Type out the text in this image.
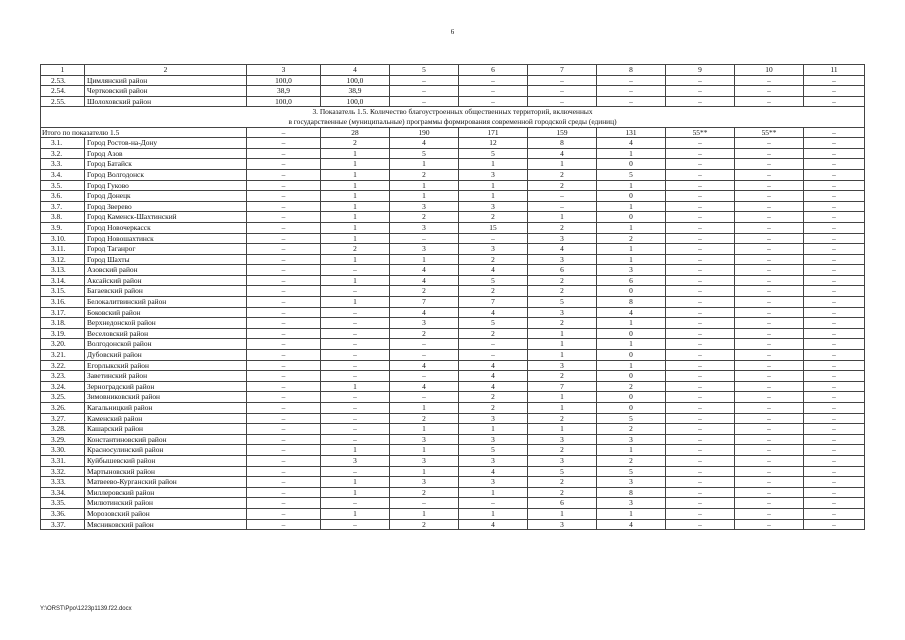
6
1	2	3	4	5	6	7	8	9	10	11
2.53.	Цимлянский район	100,0	100,0	–	–	–	–	–	–	–
2.54.	Чертковский район	38,9	38,9	–	–	–	–	–	–	–
2.55.	Шолоховский район	100,0	100,0	–	–	–	–	–	–	–

3. Показатель 1.5. Количество благоустроенных общественных территорий, включенных
в государственные (муниципальные) программы формирования современной городской среды (единиц)										

Итого по показателю 1.5		–	28	190	171	159	131	55**	55**	–
3.1.	Город Ростов-на-Дону	–	2	4	12	8	4	–	–	–
3.2.	Город Азов	–	1	5	5	4	1	–	–	–
3.3.	Город Батайск	–	1	1	1	1	0	–	–	–
3.4.	Город Волгодонск	–	1	2	3	2	5	–	–	–
3.5.	Город Гуково	–	1	1	1	2	1	–	–	–
3.6.	Город Донецк	–	1	1	1	–	0	–	–	–
3.7.	Город Зверево	–	1	3	3	–	1	–	–	–
3.8.	Город Каменск-Шахтинский	–	1	2	2	1	0	–	–	–
3.9.	Город Новочеркасск	–	1	3	15	2	1	–	–	–
3.10.	Город Новошахтинск	–	1	–	–	3	2	–	–	–
3.11.	Город Таганрог	–	2	3	3	4	1	–	–	–
3.12.	Город Шахты	–	1	1	2	3	1	–	–	–
3.13.	Азовский район	–	–	4	4	6	3	–	–	–
3.14.	Аксайский район	–	1	4	5	2	6	–	–	–
3.15.	Багаевский район	–	–	2	2	2	0	–	–	–
3.16.	Белокалитвинский район	–	1	7	7	5	8	–	–	–
3.17.	Боковский район	–	–	4	4	3	4	–	–	–
3.18.	Верхнедонской район	–	–	3	5	2	1	–	–	–
3.19.	Веселовский район	–	–	2	2	1	0	–	–	–
3.20.	Волгодонской район	–	–	–	–	1	1	–	–	–
3.21.	Дубовский район	–	–	–	–	1	0	–	–	–
3.22.	Егорлыкский район	–	–	4	4	3	1	–	–	–
3.23.	Заветинский район	–	–	–	4	2	0	–	–	–
3.24.	Зерноградский район	–	1	4	4	7	2	–	–	–
3.25.	Зимовниковский район	–	–	–	2	1	0	–	–	–
3.26.	Кагальницкий район	–	–	1	2	1	0	–	–	–
3.27.	Каменский район	–	–	2	3	2	5	–	–	–
3.28.	Кашарский район	–	–	1	1	1	2	–	–	–
3.29.	Константиновский район	–	–	3	3	3	3	–	–	–
3.30.	Красносулинский район	–	1	1	5	2	1	–	–	–
3.31.	Куйбышевский район	–	3	3	3	3	2	–	–	–
3.32.	Мартыновский район	–	–	1	4	5	5	–	–	–
3.33.	Матвеево-Курганский район	–	1	3	3	2	3	–	–	–
3.34.	Миллеровский район	–	1	2	1	2	8	–	–	–
3.35.	Милютинский район	–	–	–	–	6	3	–	–	–
3.36.	Морозовский район	–	1	1	1	1	1	–	–	–
3.37.	Мясниковский район	–	–	2	4	3	4	–	–	–
Y:\ORST\Ppo\1223p1139.f22.docx
